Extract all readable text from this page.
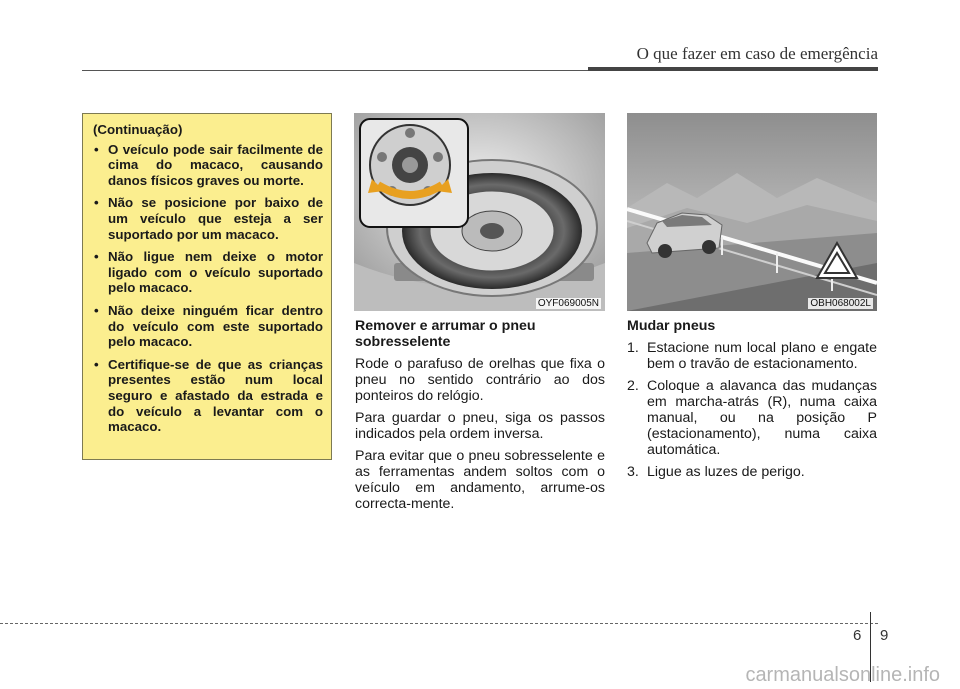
O que fazer em caso de emergência
(Continuação)
• O veículo pode sair facilmente de cima do macaco, causando danos físicos graves ou morte.
• Não se posicione por baixo de um veículo que esteja a ser suportado por um macaco.
• Não ligue nem deixe o motor ligado com o veículo suportado pelo macaco.
• Não deixe ninguém ficar dentro do veículo com este suportado pelo macaco.
• Certifique-se de que as crianças presentes estão num local seguro e afastado da estrada e do veículo a levantar com o macaco.
OYF069005N	OBH068002L
Remover e arrumar o pneu sobresselente

Rode o parafuso de orelhas que fixa o pneu no sentido contrário ao dos ponteiros do relógio.

Para guardar o pneu, siga os passos indicados pela ordem inversa.

Para evitar que o pneu sobresselente e as ferramentas andem soltos com o veículo em andamento, arrume-os correcta-mente.

Mudar pneus
1. Estacione num local plano e engate bem o travão de estacionamento.
2. Coloque a alavanca das mudanças em marcha-atrás (R), numa caixa manual, ou na posição P (estacionamento), numa caixa automática.
3. Ligue as luzes de perigo.
6 9
carmanualsonline.info
